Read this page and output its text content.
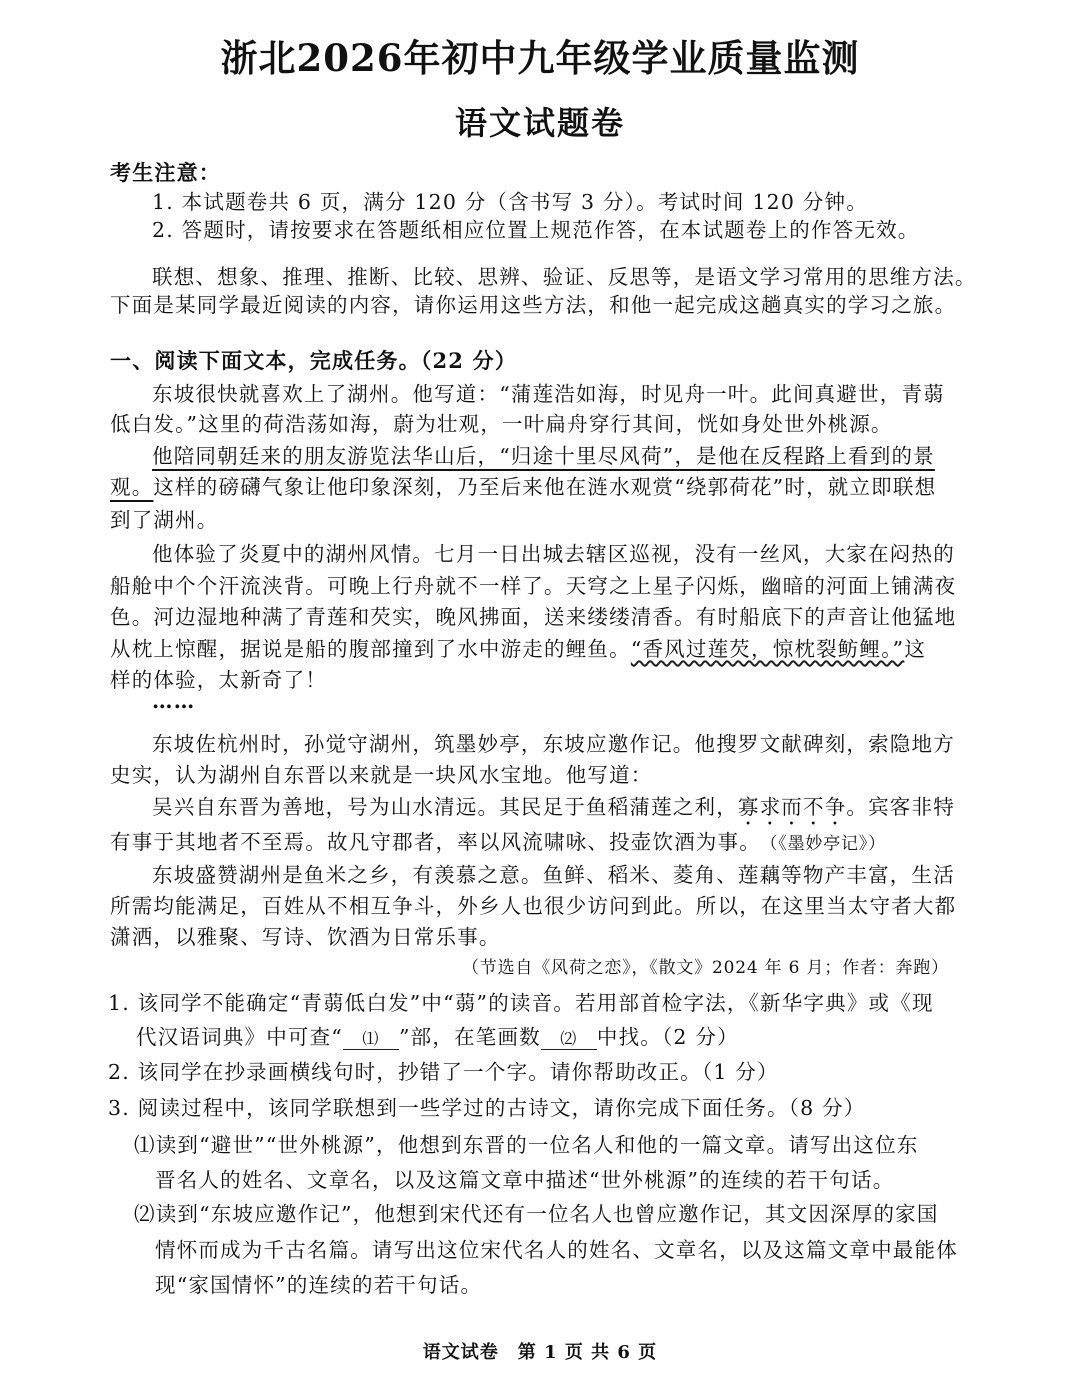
浙北2026年初中九年级学业质量监测
语文试题卷
考生注意：
1. 本试题卷共 6 页，满分 120 分（含书写 3 分）。考试时间 120 分钟。
2. 答题时，请按要求在答题纸相应位置上规范作答，在本试题卷上的作答无效。
联想、想象、推理、推断、比较、思辨、验证、反思等，是语文学习常用的思维方法。
下面是某同学最近阅读的内容，请你运用这些方法，和他一起完成这趟真实的学习之旅。
一、阅读下面文本，完成任务。（22 分）
东坡很快就喜欢上了湖州。他写道：“蒲莲浩如海，时见舟一叶。此间真避世，青蒻
低白发。”这里的荷浩荡如海，蔚为壮观，一叶扁舟穿行其间，恍如身处世外桃源。
他陪同朝廷来的朋友游览法华山后，“归途十里尽风荷”，是他在反程路上看到的景
观。这样的磅礴气象让他印象深刻，乃至后来他在涟水观赏“绕郭荷花”时，就立即联想
到了湖州。
他体验了炎夏中的湖州风情。七月一日出城去辖区巡视，没有一丝风，大家在闷热的
船舱中个个汗流浃背。可晚上行舟就不一样了。天穹之上星子闪烁，幽暗的河面上铺满夜
色。河边湿地种满了青莲和芡实，晚风拂面，送来缕缕清香。有时船底下的声音让他猛地
从枕上惊醒，据说是船的腹部撞到了水中游走的鲤鱼。“香风过莲芡，惊枕裂鲂鲤。”这
样的体验，太新奇了！
……
东坡佐杭州时，孙觉守湖州，筑墨妙亭，东坡应邀作记。他搜罗文献碑刻，索隐地方
史实，认为湖州自东晋以来就是一块风水宝地。他写道：
吴兴自东晋为善地，号为山水清远。其民足于鱼稻蒲莲之利，寡求而不争。宾客非特
有事于其地者不至焉。故凡守郡者，率以风流啸咏、投壶饮酒为事。 （《墨妙亭记》）
东坡盛赞湖州是鱼米之乡，有羡慕之意。鱼鲜、稻米、菱角、莲藕等物产丰富，生活
所需均能满足，百姓从不相互争斗，外乡人也很少访问到此。所以，在这里当太守者大都
潇洒，以雅聚、写诗、饮酒为日常乐事。
（节选自《风荷之恋》，《散文》2024 年 6 月；作者：奔跑）
1. 该同学不能确定“青蒻低白发”中“蒻”的读音。若用部首检字法，《新华字典》或《现
代汉语词典》中可查“ ⑴ ”部，在笔画数 ⑵ 中找。（2 分）
2. 该同学在抄录画横线句时，抄错了一个字。请你帮助改正。（1 分）
3. 阅读过程中，该同学联想到一些学过的古诗文，请你完成下面任务。（8 分）
⑴读到“避世”“世外桃源”，他想到东晋的一位名人和他的一篇文章。请写出这位东
晋名人的姓名、文章名，以及这篇文章中描述“世外桃源”的连续的若干句话。
⑵读到“东坡应邀作记”，他想到宋代还有一位名人也曾应邀作记，其文因深厚的家国
情怀而成为千古名篇。请写出这位宋代名人的姓名、文章名，以及这篇文章中最能体
现“家国情怀”的连续的若干句话。
语文试卷　第 1 页 共 6 页
